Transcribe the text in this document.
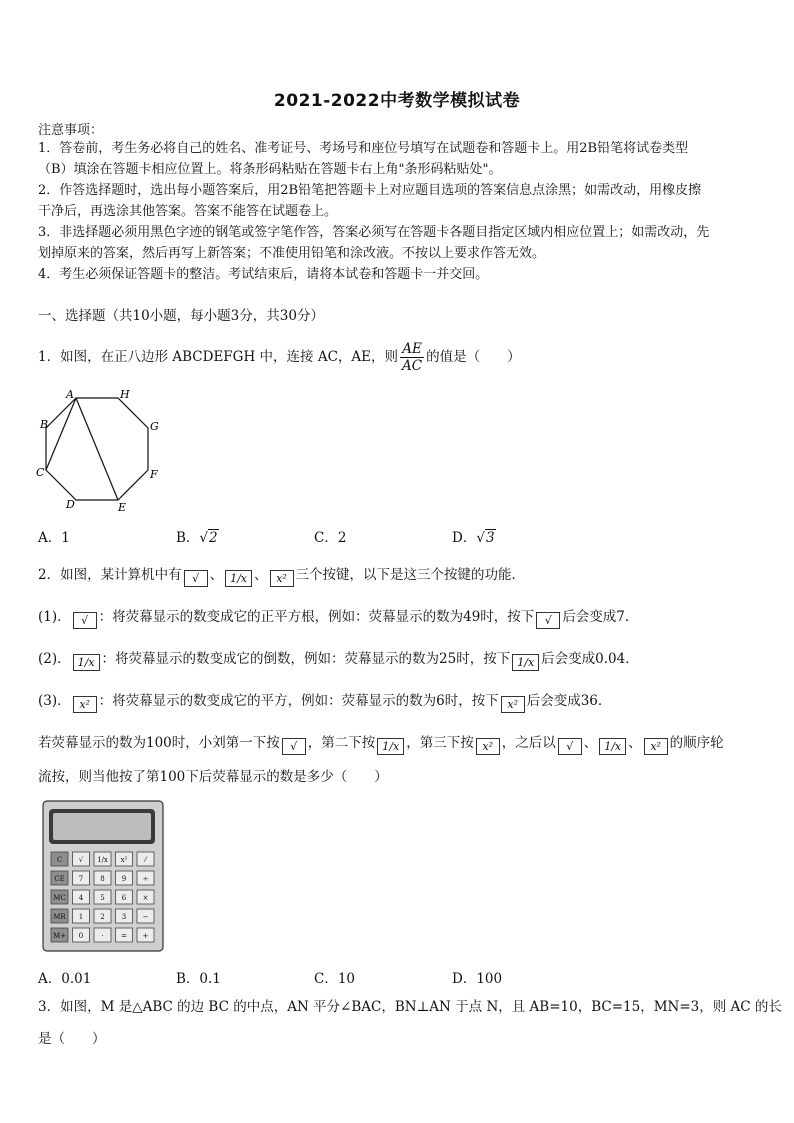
2021-2022中考数学模拟试卷
注意事项：
1．答卷前，考生务必将自己的姓名、准考证号、考场号和座位号填写在试题卷和答题卡上。用2B铅笔将试卷类型
（B）填涂在答题卡相应位置上。将条形码粘贴在答题卡右上角"条形码粘贴处"。
2．作答选择题时，选出每小题答案后，用2B铅笔把答题卡上对应题目选项的答案信息点涂黑；如需改动，用橡皮擦
干净后，再选涂其他答案。答案不能答在试题卷上。
3．非选择题必须用黑色字迹的钢笔或签字笔作答，答案必须写在答题卡各题目指定区域内相应位置上；如需改动，先
划掉原来的答案，然后再写上新答案；不准使用铅笔和涂改液。不按以上要求作答无效。
4．考生必须保证答题卡的整洁。考试结束后，请将本试卷和答题卡一并交回。
一、选择题（共10小题，每小题3分，共30分）
1．如图，在正八边形 ABCDEFGH 中，连接 AC，AE，则 $\frac{AE}{AC}$ 的值是（　　）
A	H
G
F
E
D
C
B
A．1	B．√2	C．2	D．√3
2．如图，某计算机中有 √ 、 1/x 、 x² 三个按键，以下是这三个按键的功能．
(1)． √ ：将荧幕显示的数变成它的正平方根，例如：荧幕显示的数为49时，按下 √ 后会变成7．
(2)． 1/x ：将荧幕显示的数变成它的倒数，例如：荧幕显示的数为25时，按下 1/x 后会变成0.04．
(3)． x² ：将荧幕显示的数变成它的平方，例如：荧幕显示的数为6时，按下 x² 后会变成36．
若荧幕显示的数为100时，小刘第一下按 √ ，第二下按 1/x ，第三下按 x² ，之后以 √ 、 1/x 、 x² 的顺序轮
流按，则当他按了第100下后荧幕显示的数是多少（　　）
C √ 1/x x²	⁄
CE 7 8 9 ÷
MC 4 5 6 ×
MR 1 2 3 −
M+ 0	· = +
A．0.01	B．0.1	C．10	D．100
3．如图，M 是△ABC 的边 BC 的中点，AN 平分∠BAC，BN⊥AN 于点 N，且 AB=10，BC=15，MN=3，则 AC 的长
是（　　）
